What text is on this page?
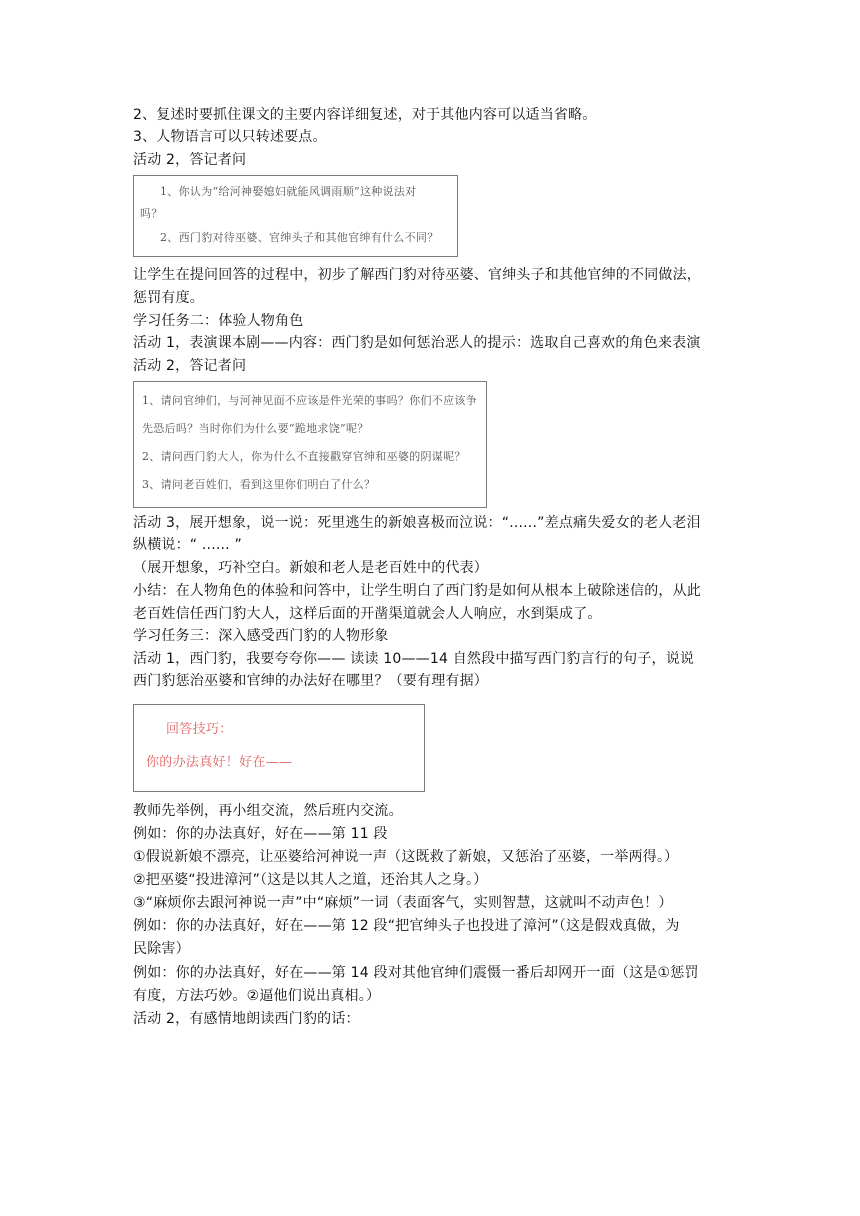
2、复述时要抓住课文的主要内容详细复述，对于其他内容可以适当省略。
3、人物语言可以只转述要点。
活动 2，答记者问
1、你认为“给河神娶媳妇就能风调雨顺”这种说法对
吗？
2、西门豹对待巫婆、官绅头子和其他官绅有什么不同？
让学生在提问回答的过程中，初步了解西门豹对待巫婆、官绅头子和其他官绅的不同做法，
惩罚有度。
学习任务二：体验人物角色
活动 1，表演课本剧——内容：西门豹是如何惩治恶人的提示：选取自己喜欢的角色来表演
活动 2，答记者问
1、请问官绅们，与河神见面不应该是件光荣的事吗？你们不应该争
先恐后吗？当时你们为什么要“跪地求饶”呢？
2、请问西门豹大人，你为什么不直接戳穿官绅和巫婆的阴谋呢？
3、请问老百姓们，看到这里你们明白了什么？
活动 3，展开想象，说一说：死里逃生的新娘喜极而泣说：“......”差点痛失爱女的老人老泪
纵横说：“ ...... ”
（展开想象，巧补空白。新娘和老人是老百姓中的代表）
小结：在人物角色的体验和问答中，让学生明白了西门豹是如何从根本上破除迷信的，从此
老百姓信任西门豹大人，这样后面的开凿渠道就会人人响应，水到渠成了。
学习任务三：深入感受西门豹的人物形象
活动 1，西门豹，我要夸夸你—— 读读 10——14 自然段中描写西门豹言行的句子，说说
西门豹惩治巫婆和官绅的办法好在哪里？（要有理有据）
回答技巧：
你的办法真好！好在——
教师先举例，再小组交流，然后班内交流。
例如：你的办法真好，好在——第 11 段
①假说新娘不漂亮，让巫婆给河神说一声（这既救了新娘，又惩治了巫婆，一举两得。）
②把巫婆“投进漳河”（这是以其人之道，还治其人之身。）
③“麻烦你去跟河神说一声”中“麻烦”一词（表面客气，实则智慧，这就叫不动声色！）
例如：你的办法真好，好在——第 12 段“把官绅头子也投进了漳河”（这是假戏真做，为
民除害）
例如：你的办法真好，好在——第 14 段对其他官绅们震慑一番后却网开一面（这是①惩罚
有度，方法巧妙。②逼他们说出真相。）
活动 2，有感情地朗读西门豹的话：
